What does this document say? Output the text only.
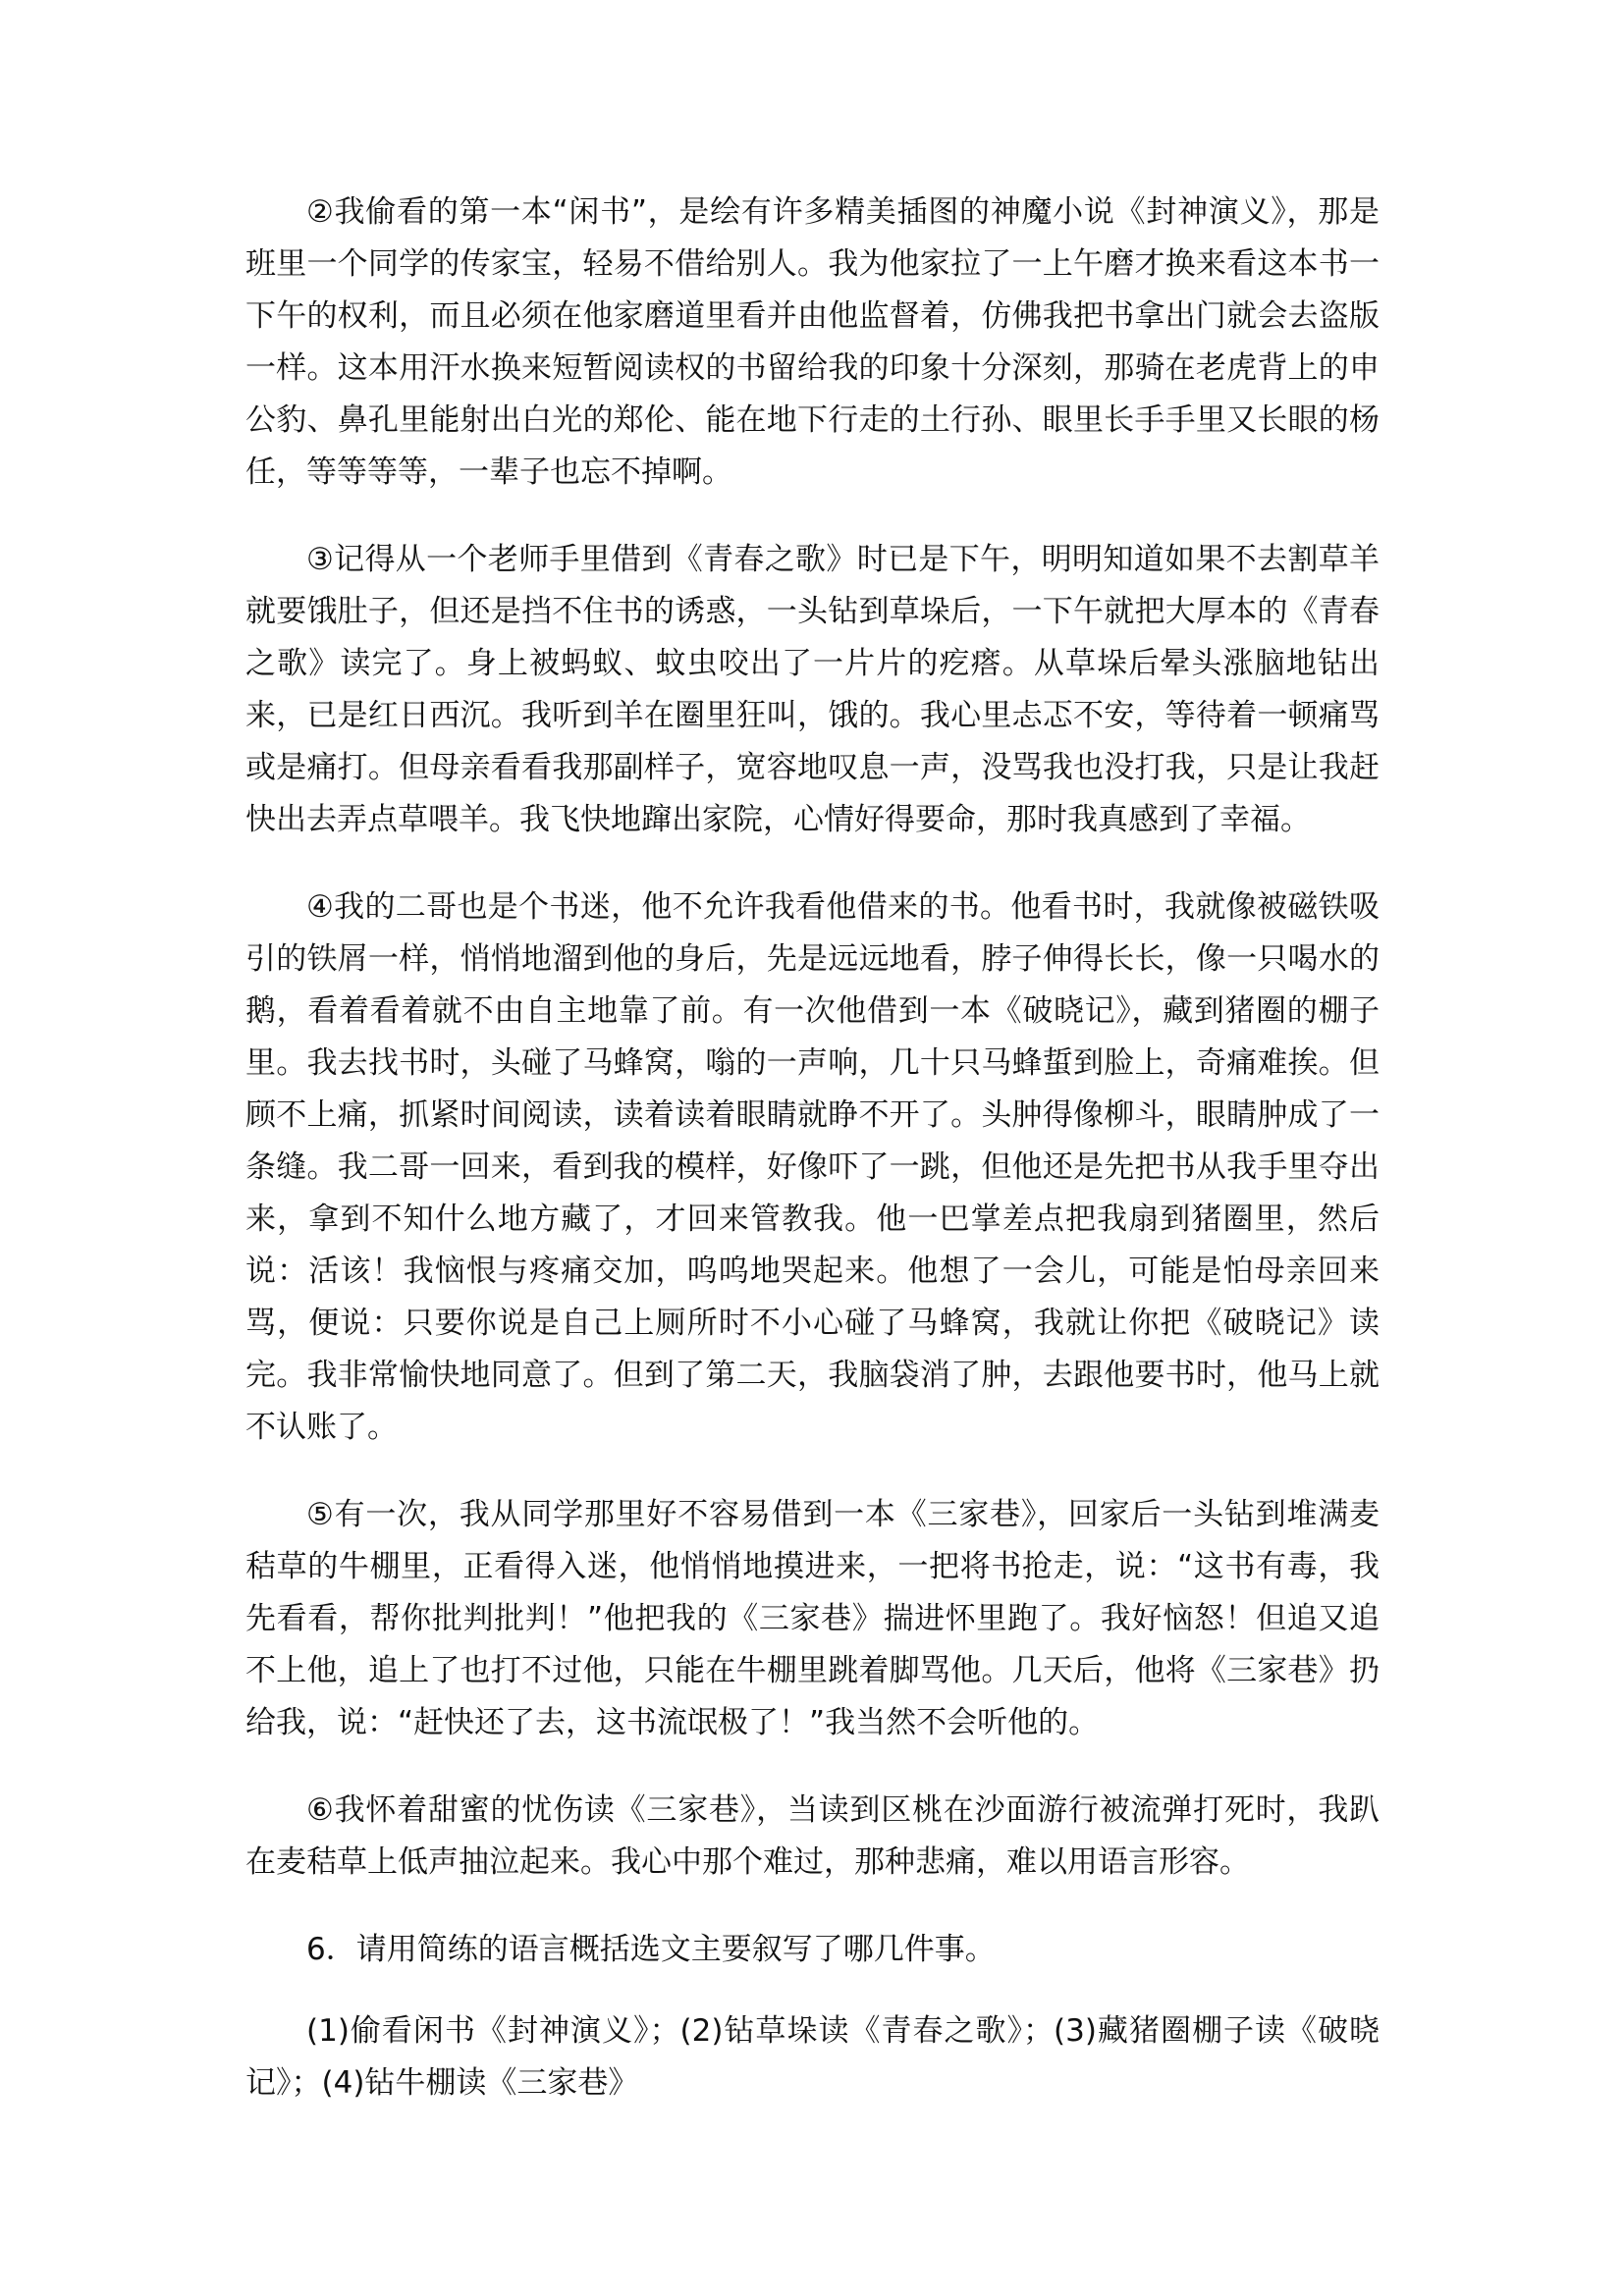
②我偷看的第一本“闲书”，是绘有许多精美插图的神魔小说《封神演义》，那是班里一个同学的传家宝，轻易不借给别人。我为他家拉了一上午磨才换来看这本书一下午的权利，而且必须在他家磨道里看并由他监督着，仿佛我把书拿出门就会去盗版一样。这本用汗水换来短暂阅读权的书留给我的印象十分深刻，那骑在老虎背上的申公豹、鼻孔里能射出白光的郑伦、能在地下行走的土行孙、眼里长手手里又长眼的杨任，等等等等，一辈子也忘不掉啊。

③记得从一个老师手里借到《青春之歌》时已是下午，明明知道如果不去割草羊就要饿肚子，但还是挡不住书的诱惑，一头钻到草垛后，一下午就把大厚本的《青春之歌》读完了。身上被蚂蚁、蚊虫咬出了一片片的疙瘩。从草垛后晕头涨脑地钻出来，已是红日西沉。我听到羊在圈里狂叫，饿的。我心里忐忑不安，等待着一顿痛骂或是痛打。但母亲看看我那副样子，宽容地叹息一声，没骂我也没打我，只是让我赶快出去弄点草喂羊。我飞快地蹿出家院，心情好得要命，那时我真感到了幸福。

④我的二哥也是个书迷，他不允许我看他借来的书。他看书时，我就像被磁铁吸引的铁屑一样，悄悄地溜到他的身后，先是远远地看，脖子伸得长长，像一只喝水的鹅，看着看着就不由自主地靠了前。有一次他借到一本《破晓记》，藏到猪圈的棚子里。我去找书时，头碰了马蜂窝，嗡的一声响，几十只马蜂蜇到脸上，奇痛难挨。但顾不上痛，抓紧时间阅读，读着读着眼睛就睁不开了。头肿得像柳斗，眼睛肿成了一条缝。我二哥一回来，看到我的模样，好像吓了一跳，但他还是先把书从我手里夺出来，拿到不知什么地方藏了，才回来管教我。他一巴掌差点把我扇到猪圈里，然后说：活该！我恼恨与疼痛交加，呜呜地哭起来。他想了一会儿，可能是怕母亲回来骂，便说：只要你说是自己上厕所时不小心碰了马蜂窝，我就让你把《破晓记》读完。我非常愉快地同意了。但到了第二天，我脑袋消了肿，去跟他要书时，他马上就不认账了。

⑤有一次，我从同学那里好不容易借到一本《三家巷》，回家后一头钻到堆满麦秸草的牛棚里，正看得入迷，他悄悄地摸进来，一把将书抢走，说：“这书有毒，我先看看，帮你批判批判！”他把我的《三家巷》揣进怀里跑了。我好恼怒！但追又追不上他，追上了也打不过他，只能在牛棚里跳着脚骂他。几天后，他将《三家巷》扔给我，说：“赶快还了去，这书流氓极了！”我当然不会听他的。

⑥我怀着甜蜜的忧伤读《三家巷》，当读到区桃在沙面游行被流弹打死时，我趴在麦秸草上低声抽泣起来。我心中那个难过，那种悲痛，难以用语言形容。

6．请用简练的语言概括选文主要叙写了哪几件事。

(1)偷看闲书《封神演义》；(2)钻草垛读《青春之歌》；(3)藏猪圈棚子读《破晓记》；(4)钻牛棚读《三家巷》
